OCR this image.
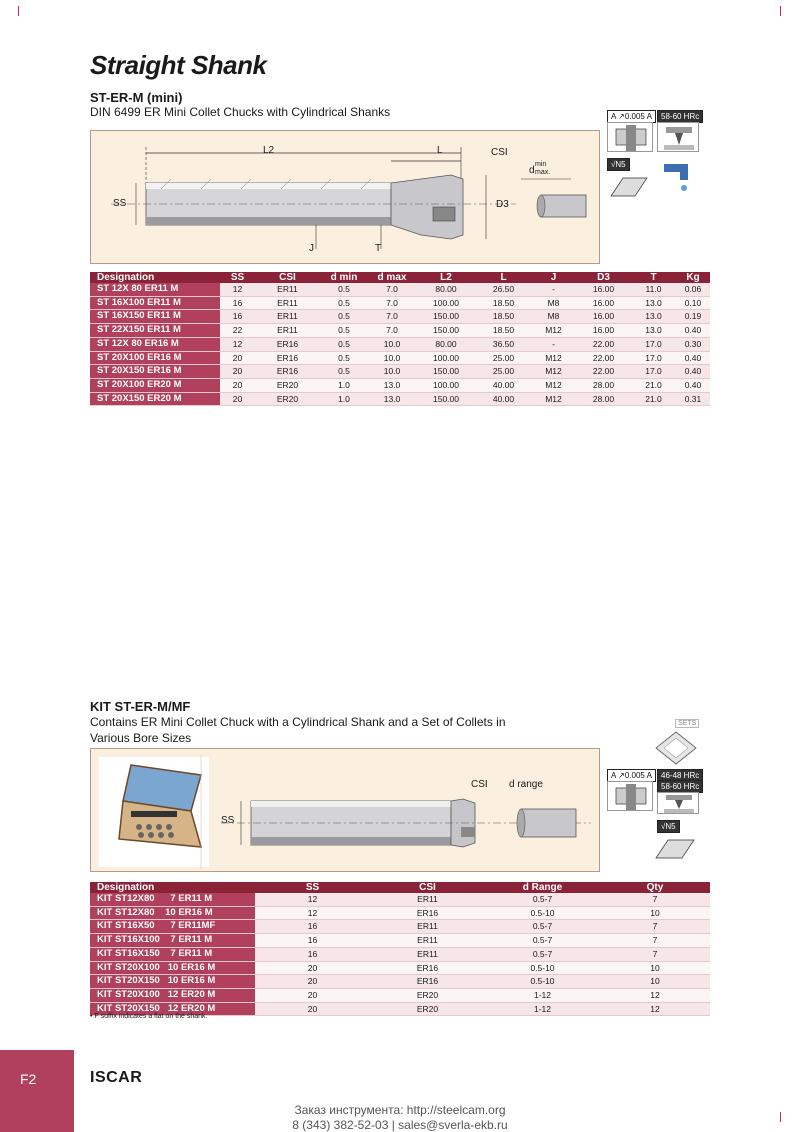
Straight Shank
ST-ER-M (mini)
DIN 6499 ER Mini Collet Chucks with Cylindrical Shanks
L2	L	CSI
min
d max.
SS	D3
J	T
A ↗0.005 A	58-60 HRc
√N5
Designation	SS	CSI	d min	d max	L2	L	J	D3	T	Kg
ST 12X 80 ER11 M	12	ER11	0.5	7.0	80.00	26.50	-	16.00	11.0	0.06
ST 16X100 ER11 M	16	ER11	0.5	7.0	100.00	18.50	M8	16.00	13.0	0.10
ST 16X150 ER11 M	16	ER11	0.5	7.0	150.00	18.50	M8	16.00	13.0	0.19
ST 22X150 ER11 M	22	ER11	0.5	7.0	150.00	18.50	M12	16.00	13.0	0.40
ST 12X 80 ER16 M	12	ER16	0.5	10.0	80.00	36.50	-	22.00	17.0	0.30
ST 20X100 ER16 M	20	ER16	0.5	10.0	100.00	25.00	M12	22.00	17.0	0.40
ST 20X150 ER16 M	20	ER16	0.5	10.0	150.00	25.00	M12	22.00	17.0	0.40
ST 20X100 ER20 M	20	ER20	1.0	13.0	100.00	40.00	M12	28.00	21.0	0.40
ST 20X150 ER20 M	20	ER20	1.0	13.0	150.00	40.00	M12	28.00	21.0	0.31
KIT ST-ER-M/MF
Contains ER Mini Collet Chuck with a Cylindrical Shank and a Set of Collets in
Various Bore Sizes
SETS
CSI d range
SS
A ↗0.005 A	46-48 HRc
58-60 HRc
√N5
Designation	SS	CSI	d Range	Qty
KIT ST12X80      7 ER11 M	12	ER11	0.5-7	7
KIT ST12X80    10 ER16 M	12	ER16	0.5-10	10
KIT ST16X50      7 ER11MF	16	ER11	0.5-7	7
KIT ST16X100    7 ER11 M	16	ER11	0.5-7	7
KIT ST16X150    7 ER11 M	16	ER11	0.5-7	7
KIT ST20X100   10 ER16 M	20	ER16	0.5-10	10
KIT ST20X150   10 ER16 M	20	ER16	0.5-10	10
KIT ST20X100   12 ER20 M	20	ER20	1-12	12
KIT ST20X150   12 ER20 M	20	ER20	1-12	12
• F suffix indicates a flat on the shank.
F2	ISCAR
Заказ инструмента: http://steelcam.org
8 (343) 382-52-03 | sales@sverla-ekb.ru
